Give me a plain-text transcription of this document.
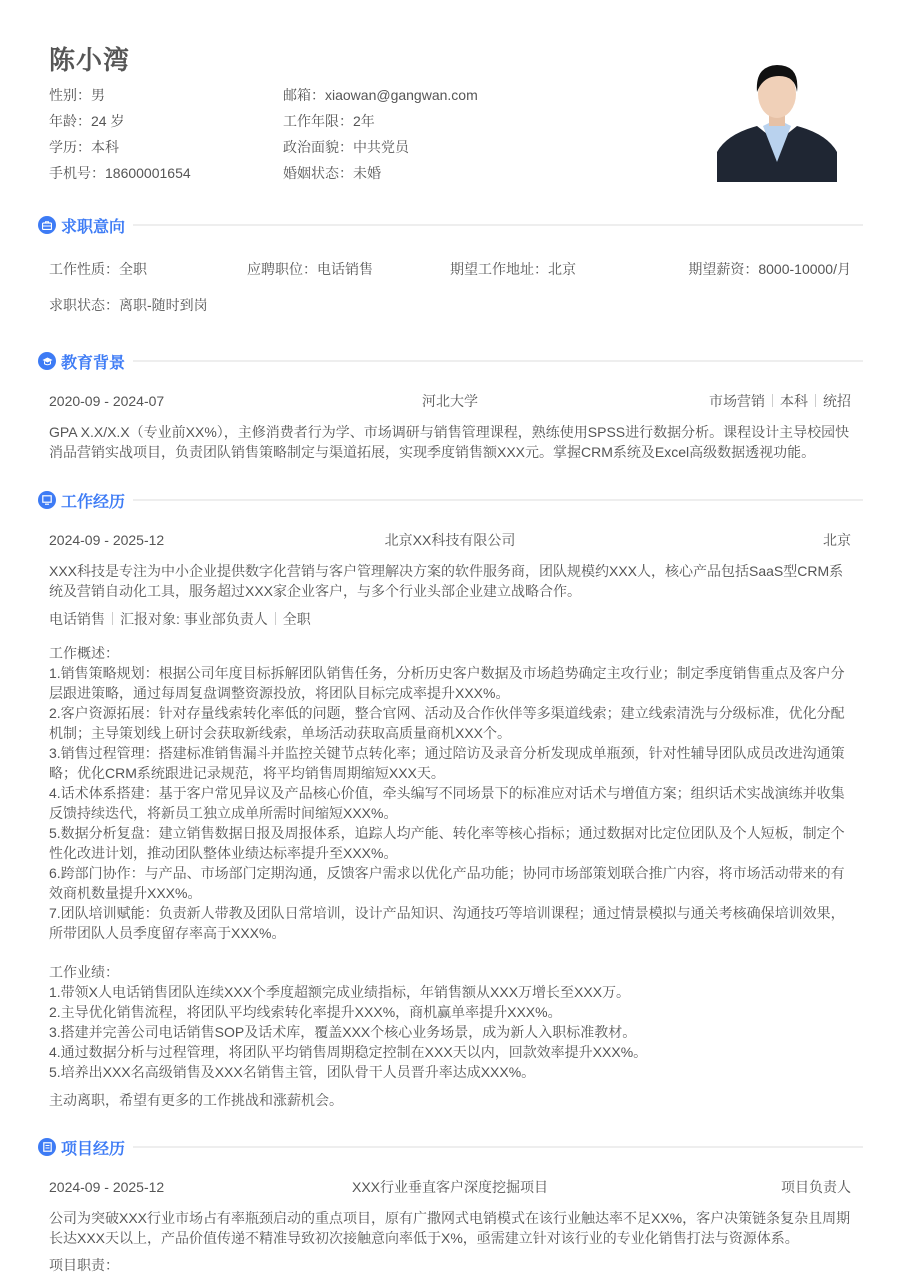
陈小湾
性别：男
年龄：24 岁
学历：本科
手机号：18600001654
邮箱：xiaowan@gangwan.com
工作年限：2年
政治面貌：中共党员
婚姻状态：未婚
求职意向
工作性质：全职	应聘职位：电话销售	期望工作地址：北京	期望薪资：8000-10000/月
求职状态：离职-随时到岗
教育背景
2020-09 - 2024-07	河北大学	市场营销 本科 统招
GPA X.X/X.X（专业前XX%），主修消费者行为学、市场调研与销售管理课程，熟练使用SPSS进行数据分析。课程设计主导校园快消品营销实战项目，负责团队销售策略制定与渠道拓展，实现季度销售额XXX元。掌握CRM系统及Excel高级数据透视功能。
工作经历
2024-09 - 2025-12	北京XX科技有限公司	北京
XXX科技是专注为中小企业提供数字化营销与客户管理解决方案的软件服务商，团队规模约XXX人，核心产品包括SaaS型CRM系统及营销自动化工具，服务超过XXX家企业客户，与多个行业头部企业建立战略合作。
电话销售 汇报对象: 事业部负责人 全职
工作概述：
1.销售策略规划：根据公司年度目标拆解团队销售任务，分析历史客户数据及市场趋势确定主攻行业；制定季度销售重点及客户分层跟进策略，通过每周复盘调整资源投放，将团队目标完成率提升XXX%。
2.客户资源拓展：针对存量线索转化率低的问题，整合官网、活动及合作伙伴等多渠道线索；建立线索清洗与分级标准，优化分配机制；主导策划线上研讨会获取新线索，单场活动获取高质量商机XXX个。
3.销售过程管理：搭建标准销售漏斗并监控关键节点转化率；通过陪访及录音分析发现成单瓶颈，针对性辅导团队成员改进沟通策略；优化CRM系统跟进记录规范，将平均销售周期缩短XXX天。
4.话术体系搭建：基于客户常见异议及产品核心价值，牵头编写不同场景下的标准应对话术与增值方案；组织话术实战演练并收集反馈持续迭代，将新员工独立成单所需时间缩短XXX%。
5.数据分析复盘：建立销售数据日报及周报体系，追踪人均产能、转化率等核心指标；通过数据对比定位团队及个人短板，制定个性化改进计划，推动团队整体业绩达标率提升至XXX%。
6.跨部门协作：与产品、市场部门定期沟通，反馈客户需求以优化产品功能；协同市场部策划联合推广内容，将市场活动带来的有效商机数量提升XXX%。
7.团队培训赋能：负责新人带教及团队日常培训，设计产品知识、沟通技巧等培训课程；通过情景模拟与通关考核确保培训效果，所带团队人员季度留存率高于XXX%。
工作业绩：
1.带领X人电话销售团队连续XXX个季度超额完成业绩指标，年销售额从XXX万增长至XXX万。
2.主导优化销售流程，将团队平均线索转化率提升XXX%，商机赢单率提升XXX%。
3.搭建并完善公司电话销售SOP及话术库，覆盖XXX个核心业务场景，成为新人入职标准教材。
4.通过数据分析与过程管理，将团队平均销售周期稳定控制在XXX天以内，回款效率提升XXX%。
5.培养出XXX名高级销售及XXX名销售主管，团队骨干人员晋升率达成XXX%。
主动离职，希望有更多的工作挑战和涨薪机会。
项目经历
2024-09 - 2025-12	XXX行业垂直客户深度挖掘项目	项目负责人
公司为突破XXX行业市场占有率瓶颈启动的重点项目，原有广撒网式电销模式在该行业触达率不足XX%，客户决策链条复杂且周期长达XXX天以上，产品价值传递不精准导致初次接触意向率低于X%，亟需建立针对该行业的专业化销售打法与资源体系。
项目职责：
